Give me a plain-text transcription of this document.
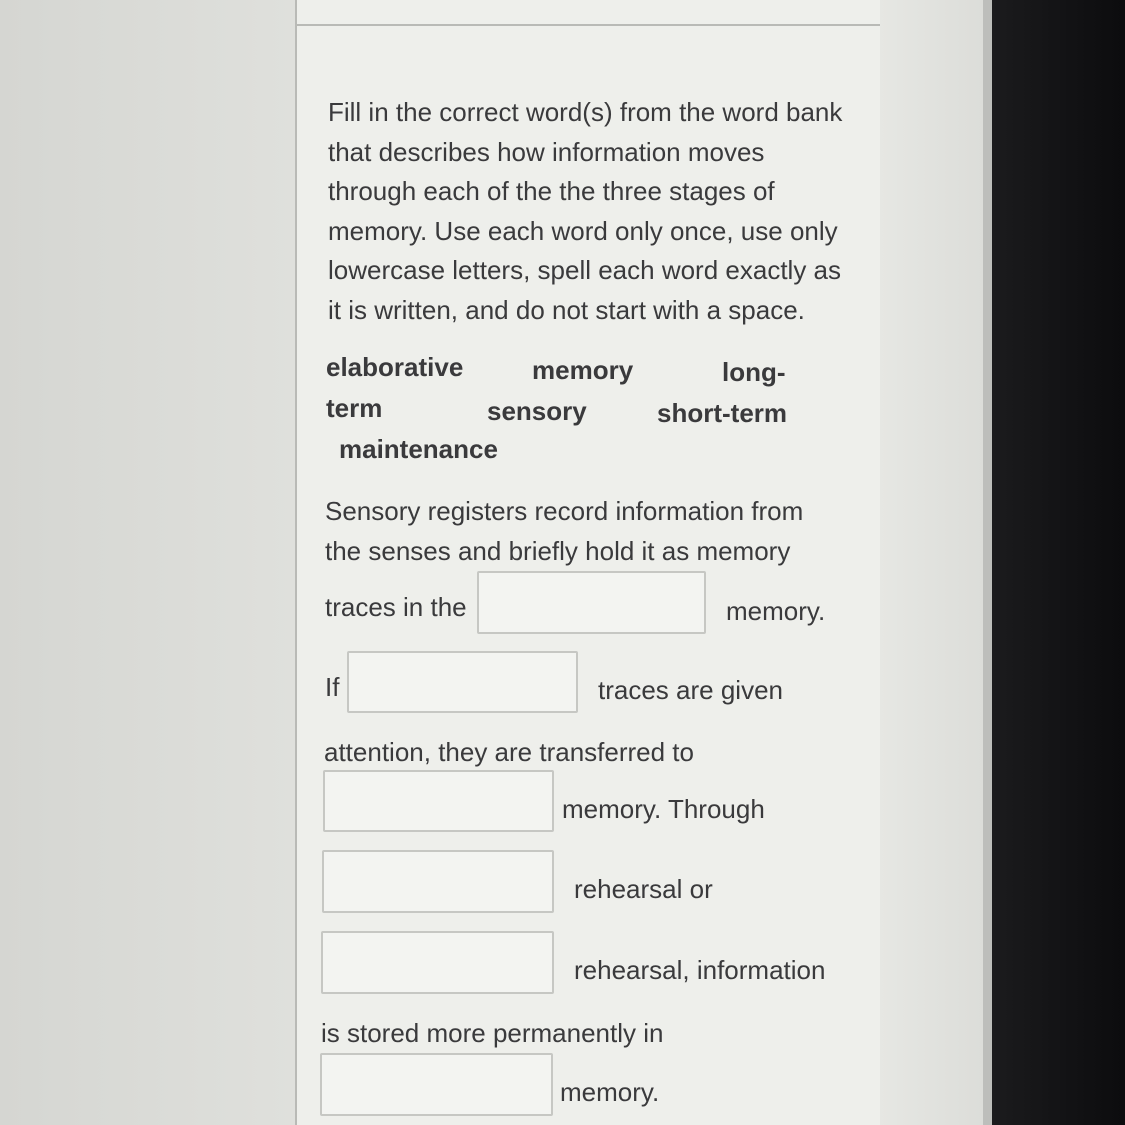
Fill in the correct word(s) from the word bank that describes how information moves through each of the the three stages of memory. Use each word only once, use only lowercase letters, spell each word exactly as it is written, and do not start with a space.
elaborative	memory	long-
term	sensory	short-term
maintenance
Sensory registers record information from
the senses and briefly hold it as memory
traces in the	memory.
If	traces are given
attention, they are transferred to
memory. Through
rehearsal or
rehearsal, information
is stored more permanently in
memory.
